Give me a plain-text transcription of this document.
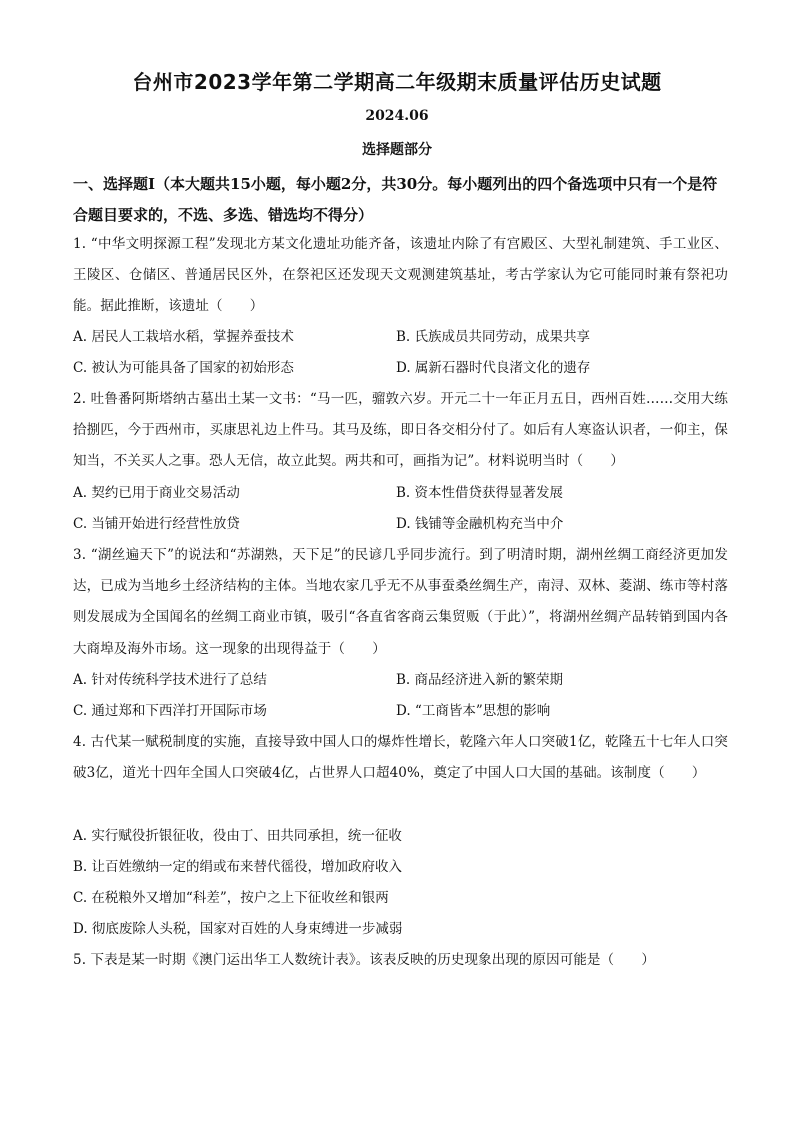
台州市2023学年第二学期高二年级期末质量评估历史试题
2024.06
选择题部分
一、选择题Ⅰ（本大题共15小题，每小题2分，共30分。每小题列出的四个备选项中只有一个是符合题目要求的，不选、多选、错选均不得分）
1. “中华文明探源工程”发现北方某文化遗址功能齐备，该遗址内除了有宫殿区、大型礼制建筑、手工业区、王陵区、仓储区、普通居民区外，在祭祀区还发现天文观测建筑基址，考古学家认为它可能同时兼有祭祀功能。据此推断，该遗址（　　）
A. 居民人工栽培水稻，掌握养蚕技术	B. 氏族成员共同劳动，成果共享
C. 被认为可能具备了国家的初始形态	D. 属新石器时代良渚文化的遗存
2. 吐鲁番阿斯塔纳古墓出土某一文书：“马一匹，骝敦六岁。开元二十一年正月五日，西州百姓……交用大练拾捌匹，今于西州市，买康思礼边上件马。其马及练，即日各交相分付了。如后有人寒盗认识者，一仰主，保知当，不关买人之事。恐人无信，故立此契。两共和可，画指为记”。材料说明当时（　　）
A. 契约已用于商业交易活动	B. 资本性借贷获得显著发展
C. 当铺开始进行经营性放贷	D. 钱铺等金融机构充当中介
3. “湖丝遍天下”的说法和“苏湖熟，天下足”的民谚几乎同步流行。到了明清时期，湖州丝绸工商经济更加发达，已成为当地乡土经济结构的主体。当地农家几乎无不从事蚕桑丝绸生产，南浔、双林、菱湖、练市等村落则发展成为全国闻名的丝绸工商业市镇，吸引“各直省客商云集贸贩（于此）”，将湖州丝绸产品转销到国内各大商埠及海外市场。这一现象的出现得益于（　　）
A. 针对传统科学技术进行了总结	B. 商品经济进入新的繁荣期
C. 通过郑和下西洋打开国际市场	D. “工商皆本”思想的影响
4. 古代某一赋税制度的实施，直接导致中国人口的爆炸性增长，乾隆六年人口突破1亿，乾隆五十七年人口突破3亿，道光十四年全国人口突破4亿，占世界人口超40%，奠定了中国人口大国的基础。该制度（　　）
A. 实行赋役折银征收，役由丁、田共同承担，统一征收
B. 让百姓缴纳一定的绢或布来替代徭役，增加政府收入
C. 在税粮外又增加“科差”，按户之上下征收丝和银两
D. 彻底废除人头税，国家对百姓的人身束缚进一步减弱
5. 下表是某一时期《澳门运出华工人数统计表》。该表反映的历史现象出现的原因可能是（　　）
